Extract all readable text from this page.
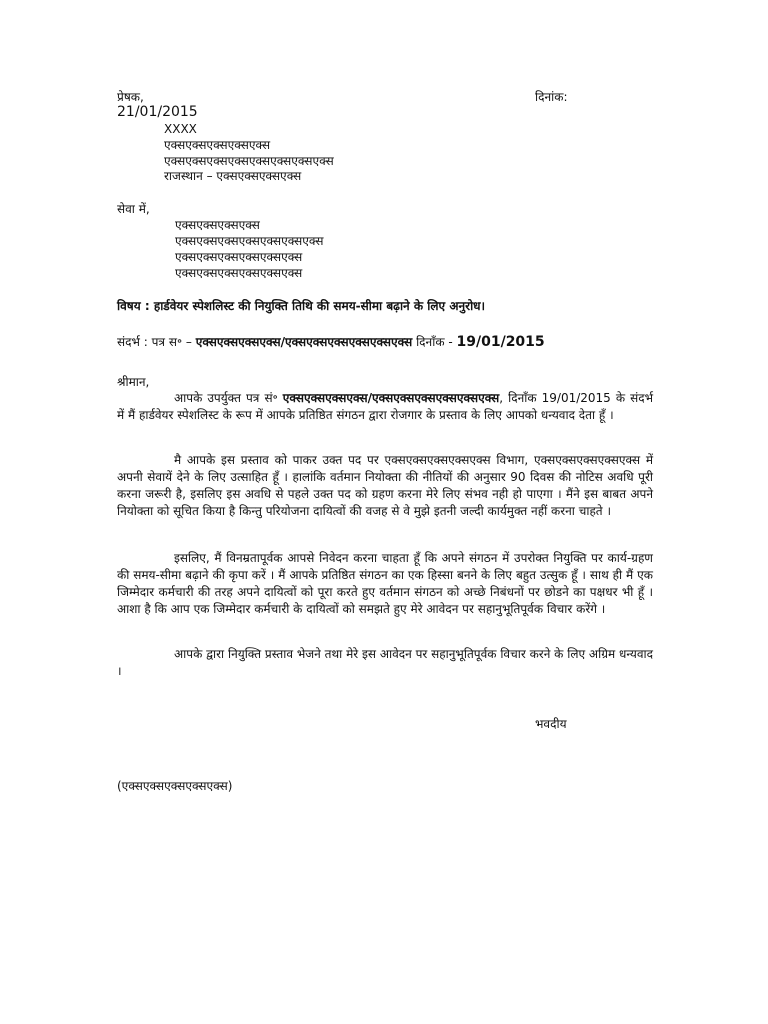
प्रेषक,	दिनांक:
21/01/2015
XXXX
एक्सएक्सएक्सएक्सएक्स
एक्सएक्सएक्सएक्सएक्सएक्सएक्सएक्स
राजस्थान – एक्सएक्सएक्सएक्स
सेवा में,
एक्सएक्सएक्सएक्स
एक्सएक्सएक्सएक्सएक्सएक्सएक्स
एक्सएक्सएक्सएक्सएक्सएक्स
एक्सएक्सएक्सएक्सएक्सएक्स
विषय : हार्डवेयर स्पेशलिस्ट की नियुक्ति तिथि की समय-सीमा बढ़ाने के लिए अनुरोध।
संदर्भ : पत्र स॰ – एक्सएक्सएक्सएक्स/एक्सएक्सएक्सएक्सएक्सएक्स दिनाँक - 19/01/2015
श्रीमान,

आपके उपर्युक्त पत्र सं॰ एक्सएक्सएक्सएक्स/एक्सएक्सएक्सएक्सएक्सएक्स, दिनाँक 19/01/2015 के संदर्भ में मैं हार्डवेयर स्पेशलिस्ट के रूप में आपके प्रतिष्ठित संगठन द्वारा रोजगार के प्रस्ताव के लिए आपको धन्यवाद देता हूँ ।

मै आपके इस प्रस्ताव को पाकर उक्त पद पर एक्सएक्सएक्सएक्सएक्स विभाग, एक्सएक्सएक्सएक्सएक्स में अपनी सेवायें देने के लिए उत्साहित हूँ । हालांकि वर्तमान नियोक्ता की नीतियों की अनुसार 90 दिवस की नोटिस अवधि पूरी करना जरूरी है, इसलिए इस अवधि से पहले उक्त पद को ग्रहण करना मेरे लिए संभव नही हो पाएगा । मैंने इस बाबत अपने नियोक्ता को सूचित किया है किन्तु परियोजना दायित्वों की वजह से वे मुझे इतनी जल्दी कार्यमुक्त नहीं करना चाहते ।

इसलिए, मैं विनम्रतापूर्वक आपसे निवेदन करना चाहता हूँ कि अपने संगठन में उपरोक्त नियुक्ति पर कार्य-ग्रहण की समय-सीमा बढ़ाने की कृपा करें । मैं आपके प्रतिष्ठित संगठन का एक हिस्सा बनने के लिए बहुत उत्सुक हूँ । साथ ही मैं एक जिम्मेदार कर्मचारी की तरह अपने दायित्वों को पूरा करते हुए वर्तमान संगठन को अच्छे निबंधनों पर छोडने का पक्षधर भी हूँ । आशा है कि आप एक जिम्मेदार कर्मचारी के दायित्वों को समझते हुए मेरे आवेदन पर सहानुभूतिपूर्वक विचार करेंगे ।

आपके द्वारा नियुक्ति प्रस्ताव भेजने तथा मेरे इस आवेदन पर सहानुभूतिपूर्वक विचार करने के लिए अग्रिम धन्यवाद ।

भवदीय
(एक्सएक्सएक्सएक्सएक्स)
